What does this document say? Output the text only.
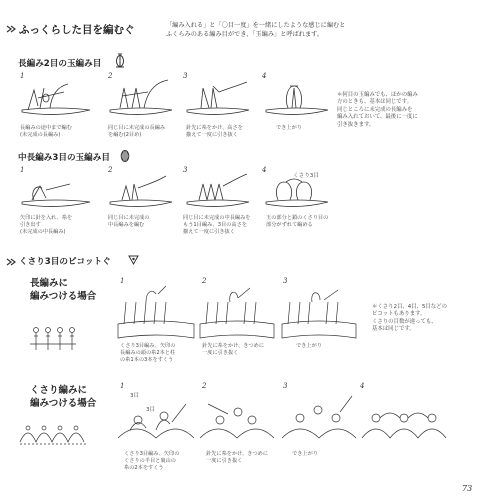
ふっくらした目を編むぐ	「編み入れる」と「〇目一度」を一緒にしたような感じに編むと
ふくらみのある編み目ができ、「玉編み」と呼ばれます。
長編み2目の玉編み目
1	2	3	4
長編みの途中まで編む
(未完成の長編み)
同じ目に未完成の長編み
を編む(2目め)
針先に糸をかけ、高さを
揃えて一度に引き抜く
でき上がり
＊何目の玉編みでも、ほかの編み
方のときも、基本は同じです。
同じところに未完成の長編みを
編み入れておいて、最後に一度に
引き抜きます。
中長編み3目の玉編み目
1	2	3	4
くさり3目
矢印に針を入れ、糸を
引き出す
(未完成の中長編み)
同じ目に未完成の
中長編みを編む
同じ目に未完成の中長編みを
もう1目編み、3目の高さを
揃えて一度に引き抜く
玉の部分と鎖のくさり目の
部分がずれて編める
くさり3目のピコットぐ
長編みに
編みつける場合
1	2	3
くさり3目編み、矢印の
長編みの頭の糸2本と柱
の糸1本の3本をすくう
針先に糸をかけ、きつめに
一度に引き抜く
でき上がり
＊くさり2目、4目、5目などの
ピコットもあります。
くさりの目数が違っても、
基本は同じです。
くさり編みに
編みつける場合
1	2	3	4
3目
3目
くさり3目編み、矢印の
くさりの半目と裏山の
糸の2本をすくう
針先に糸をかけ、きつめに
一度に引き抜く
でき上がり
73
